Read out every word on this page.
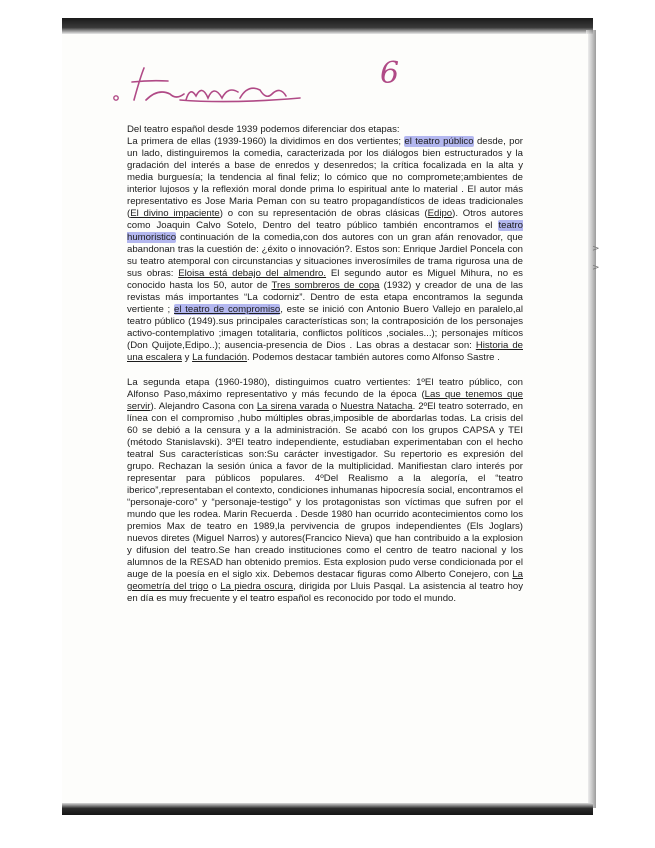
>
>
6

Del teatro español desde 1939 podemos diferenciar dos etapas:

La primera de ellas (1939-1960) la dividimos en dos vertientes; el teatro público desde, por un lado, distinguiremos la comedia, caracterizada por los diálogos bien estructurados y la gradación del interés a base de enredos y desenredos; la crítica focalizada en la alta y media burguesía; la tendencia al final feliz; lo cómico que no compromete;ambientes de interior lujosos y la reflexión moral donde prima lo espiritual ante lo material . El autor más representativo es Jose Maria Peman con su teatro propagandísticos de ideas tradicionales (El divino impaciente) o con su representación de obras clásicas (Edipo). Otros autores como Joaquin Calvo Sotelo, Dentro del teatro público también encontramos el teatro humoristico continuación de la comedia,con dos autores con un gran afán renovador, que abandonan tras la cuestión de: ¿éxito o innovación?. Estos son: Enrique Jardiel Poncela con su teatro atemporal con circunstancias y situaciones inverosímiles de trama rigurosa una de sus obras: Eloisa está debajo del almendro. El segundo autor es Miguel Mihura, no es conocido hasta los 50, autor de Tres sombreros de copa (1932) y creador de una de las revistas más importantes “La codorniz”. Dentro de esta etapa encontramos la segunda vertiente ; el teatro de compromiso, este se inició con Antonio Buero Vallejo en paralelo,al teatro público (1949).sus principales características son; la contraposición de los personajes activo-contemplativo ;imagen totalitaria, conflictos políticos ,sociales...); personajes míticos (Don Quijote,Edipo..); ausencia-presencia de Dios . Las obras a destacar son: Historia de una escalera y La fundación. Podemos destacar también autores como Alfonso Sastre .

La segunda etapa (1960-1980), distinguimos cuatro vertientes: 1ºEl teatro público, con Alfonso Paso,máximo representativo y más fecundo de la época (Las que tenemos que servir). Alejandro Casona con La sirena varada o Nuestra Natacha. 2ºEl teatro soterrado, en línea con el compromiso ,hubo múltiples obras,imposible de abordarlas todas. La crisis del 60 se debió a la censura y a la administración. Se acabó con los grupos CAPSA y TEI (método Stanislavski). 3ºEl teatro independiente, estudiaban experimentaban con el hecho teatral Sus características son:Su carácter investigador. Su repertorio es expresión del grupo. Rechazan la sesión única a favor de la multiplicidad. Manifiestan claro interés por representar para públicos populares. 4ºDel Realismo a la alegoría, el “teatro iberico”,representaban el contexto, condiciones inhumanas hipocresía social, encontramos el “personaje-coro” y “personaje-testigo” y los protagonistas son víctimas que sufren por el mundo que les rodea. Marin Recuerda . Desde 1980 han ocurrido acontecimientos como los premios Max de teatro en 1989,la pervivencia de grupos independientes (Els Joglars) nuevos diretes (Miguel Narros) y autores(Francico Nieva) que han contribuido a la explosion y difusion del teatro.Se han creado instituciones como el centro de teatro nacional y los alumnos de la RESAD han obtenido premios. Esta explosion pudo verse condicionada por el auge de la poesía en el siglo xix. Debemos destacar figuras como Alberto Conejero, con La geometría del trigo o La piedra oscura, dirigida por Lluis Pasqal. La asistencia al teatro hoy en día es muy frecuente y el teatro español es reconocido por todo el mundo.
